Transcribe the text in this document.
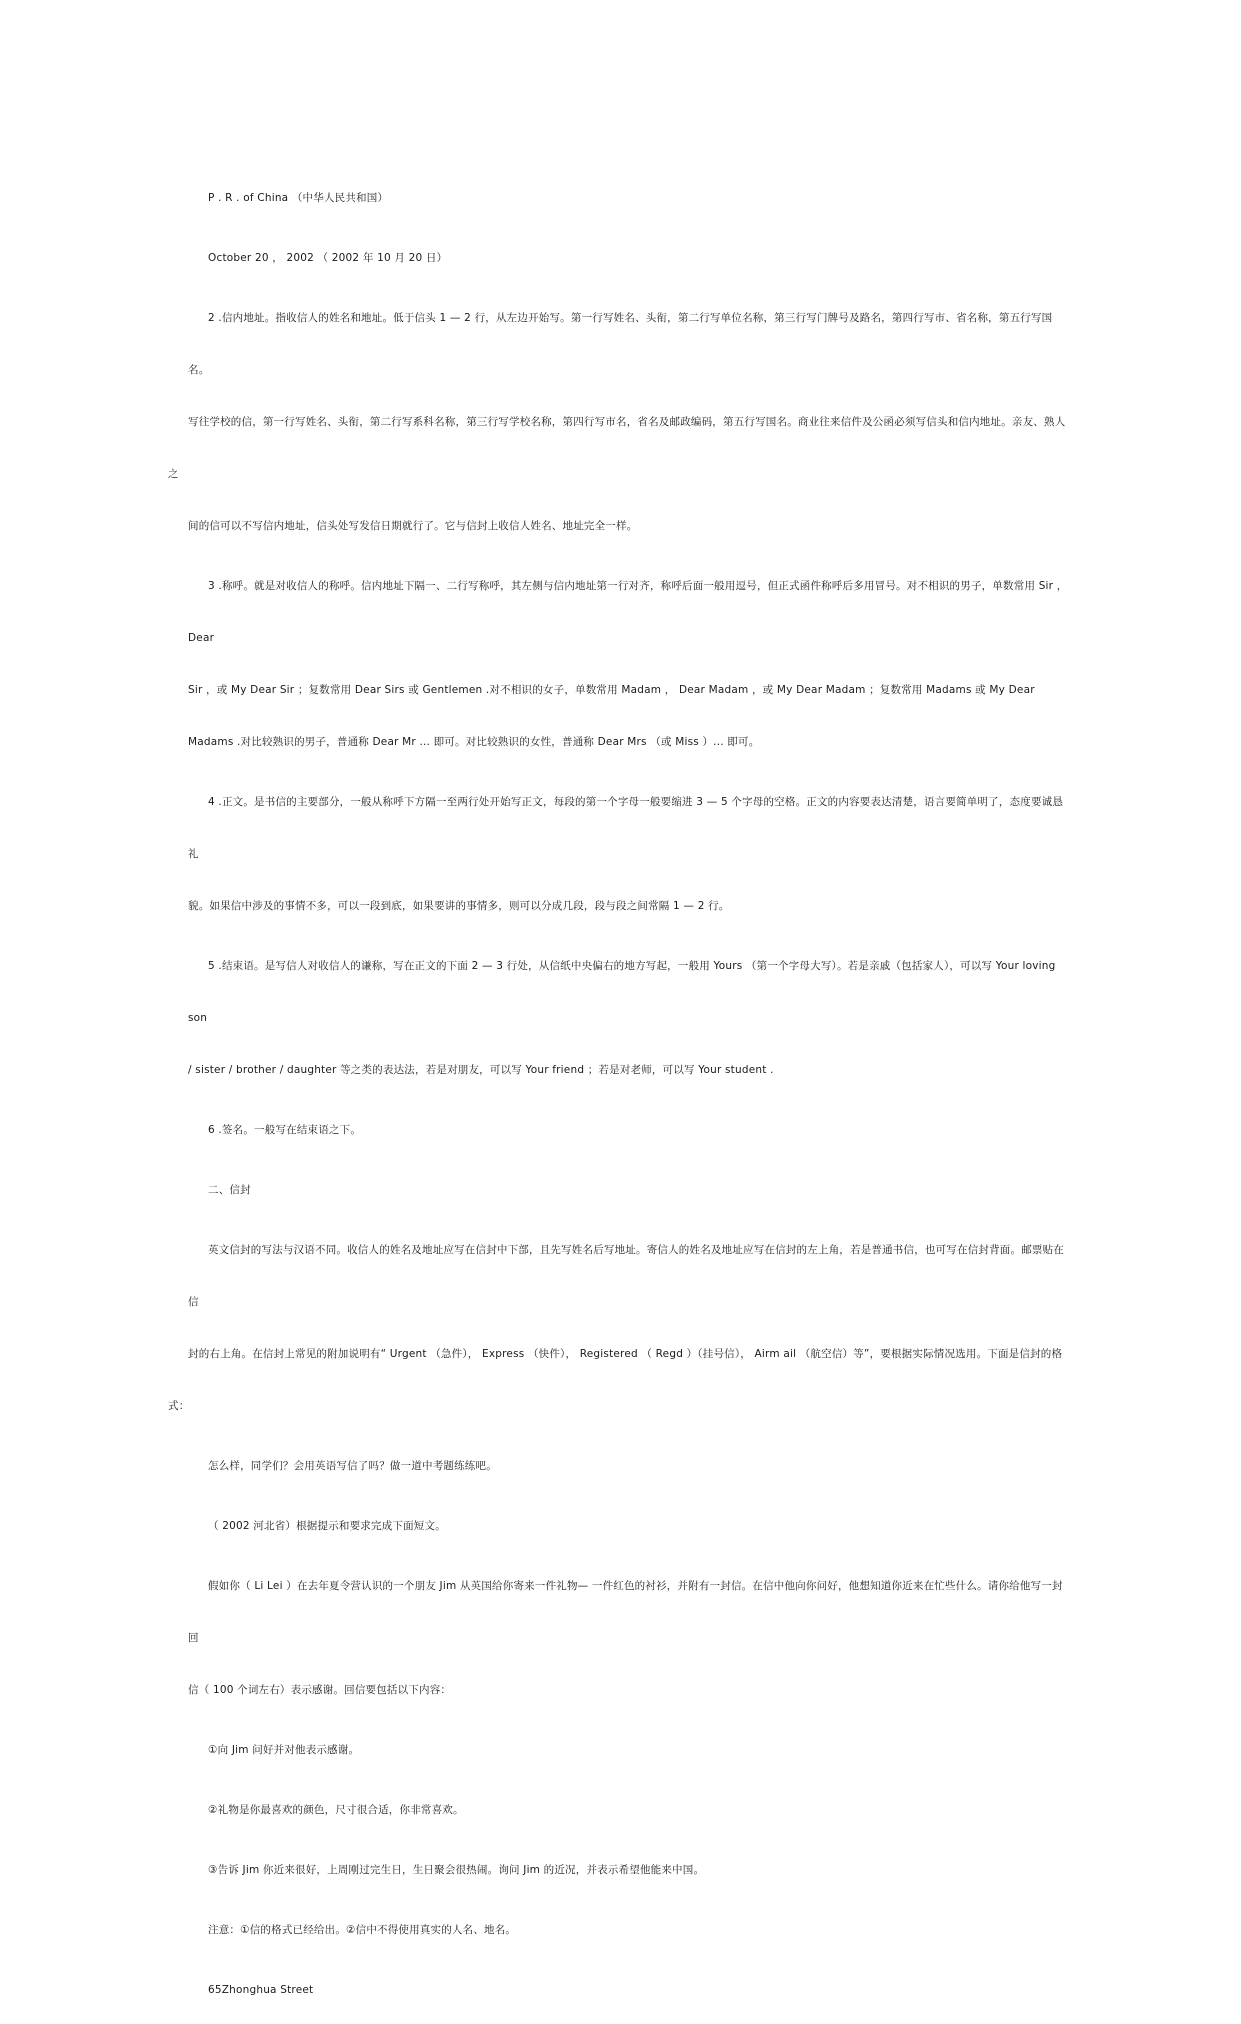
P . R . of China （中华人民共和国）

October 20 ， 2002 （ 2002 年 10 月 20 日）

2 .信内地址。指收信人的姓名和地址。低于信头 1 — 2 行，从左边开始写。第一行写姓名、头衔，第二行写单位名称，第三行写门牌号及路名，第四行写市、省名称，第五行写国名。
写往学校的信，第一行写姓名、头衔，第二行写系科名称，第三行写学校名称，第四行写市名，省名及邮政编码，第五行写国名。商业往来信件及公函必须写信头和信内地址。亲友、熟人之
间的信可以不写信内地址，信头处写发信日期就行了。它与信封上收信人姓名、地址完全一样。

3 .称呼。就是对收信人的称呼。信内地址下隔一、二行写称呼，其左侧与信内地址第一行对齐，称呼后面一般用逗号，但正式函件称呼后多用冒号。对不相识的男子，单数常用 Sir ， Dear
Sir ，或 My Dear Sir ；复数常用 Dear Sirs 或 Gentlemen .对不相识的女子，单数常用 Madam ， Dear Madam ，或 My Dear Madam ；复数常用 Madams 或 My Dear
Madams .对比较熟识的男子，普通称 Dear Mr ... 即可。对比较熟识的女性，普通称 Dear Mrs （或 Miss ）... 即可。

4 .正文。是书信的主要部分，一般从称呼下方隔一至两行处开始写正文，每段的第一个字母一般要缩进 3 — 5 个字母的空格。正文的内容要表达清楚，语言要简单明了，态度要诚恳礼
貌。如果信中涉及的事情不多，可以一段到底，如果要讲的事情多，则可以分成几段，段与段之间常隔 1 — 2 行。

5 .结束语。是写信人对收信人的谦称，写在正文的下面 2 — 3 行处，从信纸中央偏右的地方写起，一般用 Yours （第一个字母大写）。若是亲戚（包括家人），可以写 Your loving son
/ sister / brother / daughter 等之类的表达法，若是对朋友，可以写 Your friend ；若是对老师，可以写 Your student .

6 .签名。一般写在结束语之下。

二、信封

英文信封的写法与汉语不同。收信人的姓名及地址应写在信封中下部，且先写姓名后写地址。寄信人的姓名及地址应写在信封的左上角，若是普通书信，也可写在信封背面。邮票贴在信
封的右上角。在信封上常见的附加说明有“ Urgent （急件）， Express （快件）， Registered （ Regd ）（挂号信）， Airm ail （航空信）等”，要根据实际情况选用。下面是信封的格式：

怎么样，同学们？会用英语写信了吗？做一道中考题练练吧。

（ 2002 河北省）根据提示和要求完成下面短文。

假如你（ Li Lei ）在去年夏令营认识的一个朋友 Jim 从英国给你寄来一件礼物— 一件红色的衬衫，并附有一封信。在信中他向你问好，他想知道你近来在忙些什么。请你给他写一封回
信（ 100 个词左右）表示感谢。回信要包括以下内容：

①向 Jim 问好并对他表示感谢。

②礼物是你最喜欢的颜色，尺寸很合适，你非常喜欢。

③告诉 Jim 你近来很好，上周刚过完生日，生日聚会很热闹。询问 Jim 的近况，并表示希望他能来中国。

注意：①信的格式已经给出。②信中不得使用真实的人名、地名。

65Zhonghua Street
